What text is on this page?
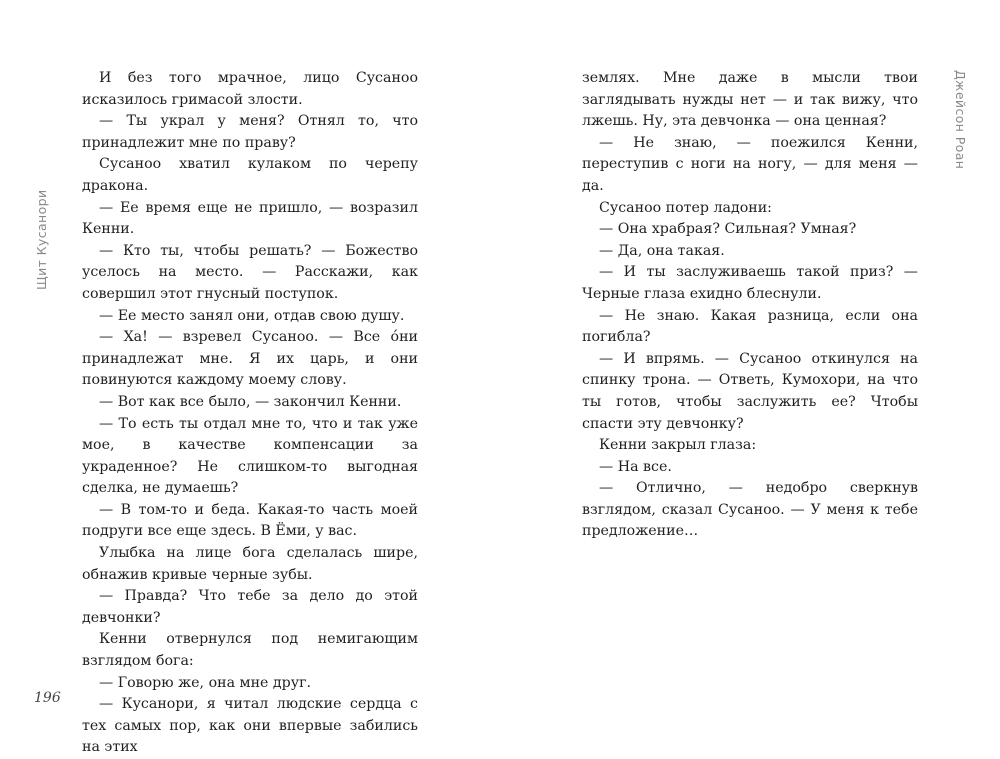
Щит Кусанори

И без того мрачное, лицо Сусаноо исказилось гримасой злости.

— Ты украл у меня? Отнял то, что принадлежит мне по праву?

Сусаноо хватил кулаком по черепу дракона.

— Ее время еще не пришло, — возразил Кенни.

— Кто ты, чтобы решать? — Божество уселось на место. — Расскажи, как совершил этот гнусный поступок.

— Ее место занял они, отдав свою душу.

— Ха! — взревел Сусаноо. — Все óни принадлежат мне. Я их царь, и они повинуются каждому моему слову.

— Вот как все было, — закончил Кенни.

— То есть ты отдал мне то, что и так уже мое, в качестве компенсации за украденное? Не слишком-то выгодная сделка, не думаешь?

— В том-то и беда. Какая-то часть моей подруги все еще здесь. В Ёми, у вас.

Улыбка на лице бога сделалась шире, обнажив кривые черные зубы.

— Правда? Что тебе за дело до этой девчонки?

Кенни отвернулся под немигающим взглядом бога:

— Говорю же, она мне друг.

— Кусанори, я читал людские сердца с тех самых пор, как они впервые забились на этих

196

землях. Мне даже в мысли твои заглядывать нужды нет — и так вижу, что лжешь. Ну, эта девчонка — она ценная?

— Не знаю, — поежился Кенни, переступив с ноги на ногу, — для меня — да.

Сусаноо потер ладони:

— Она храбрая? Сильная? Умная?

— Да, она такая.

— И ты заслуживаешь такой приз? — Черные глаза ехидно блеснули.

— Не знаю. Какая разница, если она погибла?

— И впрямь. — Сусаноо откинулся на спинку трона. — Ответь, Кумохори, на что ты готов, чтобы заслужить ее? Чтобы спасти эту девчонку?

Кенни закрыл глаза:

— На все.

— Отлично, — недобро сверкнув взглядом, сказал Сусаноо. — У меня к тебе предложение…

Джейсон Роан
